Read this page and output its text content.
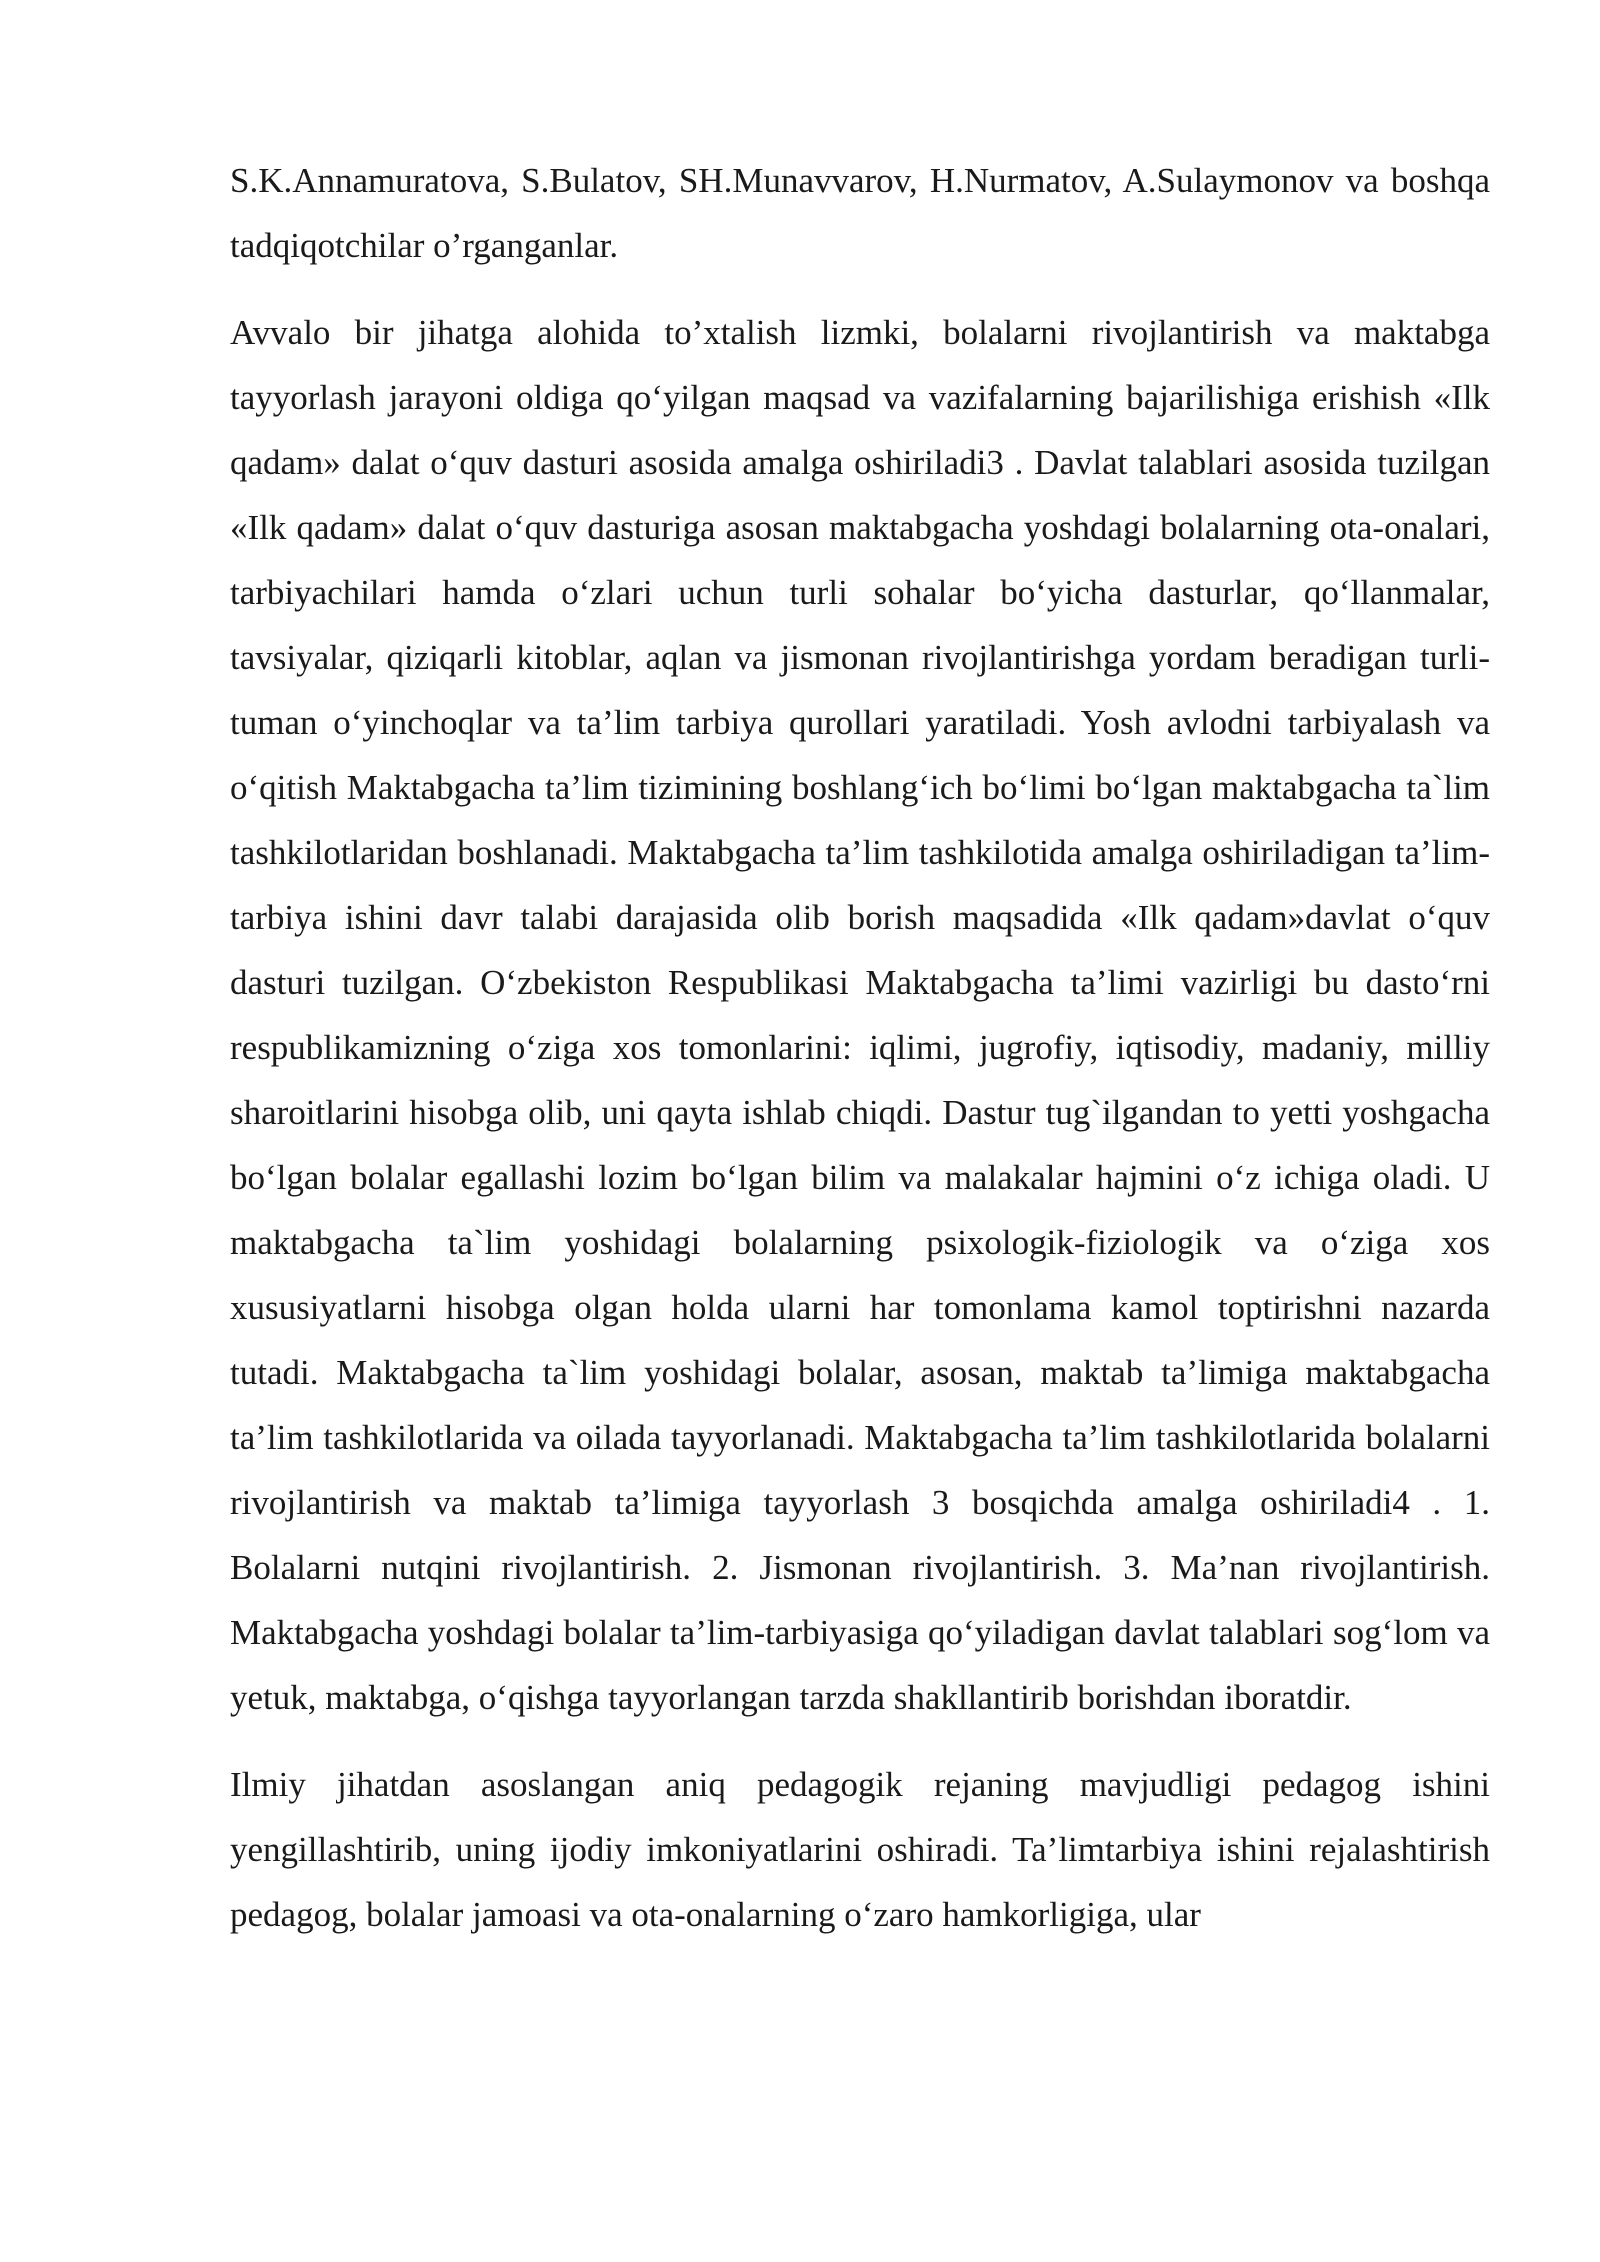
S.K.Annamuratova, S.Bulatov, SH.Munavvarov, H.Nurmatov, A.Sulaymonov va boshqa tadqiqotchilar o’rganganlar.

Avvalo bir jihatga alohida to’xtalish lizmki, bolalarni rivojlantirish va maktabga tayyorlash jarayoni oldiga qo‘yilgan maqsad va vazifalarning bajarilishiga erishish «Ilk qadam» dalat o‘quv dasturi asosida amalga oshiriladi3 . Davlat talablari asosida tuzilgan «Ilk qadam» dalat o‘quv dasturiga asosan maktabgacha yoshdagi bolalarning ota-onalari, tarbiyachilari hamda o‘zlari uchun turli sohalar bo‘yicha dasturlar, qo‘llanmalar, tavsiyalar, qiziqarli kitoblar, aqlan va jismonan rivojlantirishga yordam beradigan turli-tuman o‘yinchoqlar va ta’lim tarbiya qurollari yaratiladi. Yosh avlodni tarbiyalash va o‘qitish Maktabgacha ta’lim tizimining boshlang‘ich bo‘limi bo‘lgan maktabgacha ta`lim tashkilotlaridan boshlanadi. Maktabgacha ta’lim tashkilotida amalga oshiriladigan ta’lim-tarbiya ishini davr talabi darajasida olib borish maqsadida «Ilk qadam»davlat o‘quv dasturi tuzilgan. O‘zbekiston Respublikasi Maktabgacha ta’limi vazirligi bu dasto‘rni respublikamizning o‘ziga xos tomonlarini: iqlimi, jugrofiy, iqtisodiy, madaniy, milliy sharoitlarini hisobga olib, uni qayta ishlab chiqdi. Dastur tug`ilgandan to yetti yoshgacha bo‘lgan bolalar egallashi lozim bo‘lgan bilim va malakalar hajmini o‘z ichiga oladi. U maktabgacha ta`lim yoshidagi bolalarning psixologik-fiziologik va o‘ziga xos xususiyatlarni hisobga olgan holda ularni har tomonlama kamol toptirishni nazarda tutadi. Maktabgacha ta`lim yoshidagi bolalar, asosan, maktab ta’limiga maktabgacha ta’lim tashkilotlarida va oilada tayyorlanadi. Maktabgacha ta’lim tashkilotlarida bolalarni rivojlantirish va maktab ta’limiga tayyorlash 3 bosqichda amalga oshiriladi4 . 1. Bolalarni nutqini rivojlantirish. 2. Jismonan rivojlantirish. 3. Ma’nan rivojlantirish. Maktabgacha yoshdagi bolalar ta’lim-tarbiyasiga qo‘yiladigan davlat talablari sog‘lom va yetuk, maktabga, o‘qishga tayyorlangan tarzda shakllantirib borishdan iboratdir.

Ilmiy jihatdan asoslangan aniq pedagogik rejaning mavjudligi pedagog ishini yengillashtirib, uning ijodiy imkoniyatlarini oshiradi. Ta’limtarbiya ishini rejalashtirish pedagog, bolalar jamoasi va ota-onalarning o‘zaro hamkorligiga, ular
